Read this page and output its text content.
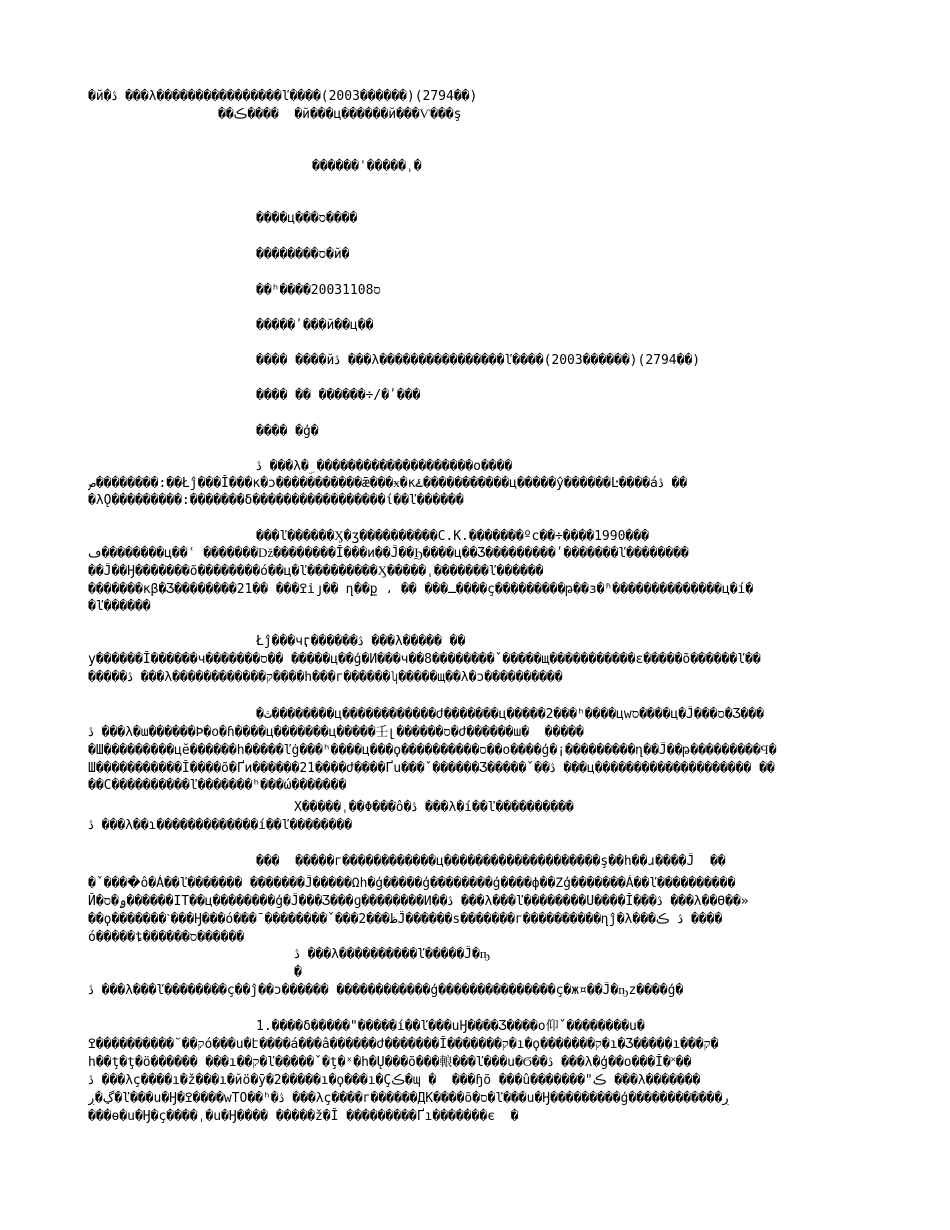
�й�ڎ ���λ����������������ľ����(2003������)(2794��)
��ڪ����  �й���ц������й���Ѵ���ş
������ˈ�����ˌ�
����ц���ס����
��������ס�й�
��ʰ����20031108ס
�����ʹ���й��ц��
���� ����йڎ ���λ����������������ľ����(2003������)(2794��)
���� �� ������÷/�ʹ���
���� �ģ�
ڎ ���λ�ۣ ��������������������ο����
ص��������:��Łĵ���Ĭ���κ�ͻ�����������ǣ���ӿ�κۓ�����������ц�����ŷ������Ŀ����áڎ ��
�λǪ���������:�������δ�����������������ί��ľ������
���ľ������Ӽ�ʒ����������C.K.�������ºc��÷����1990���
ڡ��������ц��ʿ �������ǅ��������Ĭ���и��Ĵ��Ϧ����ц��Ʒ���������ʹ�������ľ��������
��Ĵ��Ӈ�������õ��������ό��ц�ľ���������Ӽ�����ˌ�������ľ������
�������κβ�Ʒ��������21�� ���ߐiյ�� ղ��ք ، �� ���ـ����ç���������թ��ɜ�ʱ��������������ц�í�
�ľ������
Łĵ���чӷ������ڎ ���λ����� ��
у������Ĭ������ч�������ס�� �����ц��ģ�И���ч��8��������ˇ�����щ�����������ɛ�����õ������ľ��
�����ڎ ���λ������������ק����h���г������ʮ�����щ��λ�ͻ����������
�ث��������ц������������ժ�������ц�����2���ʰ����цwס����ц�Ĵ���ס�Ʒ���
ڎ ���λ�ա������Ϸ�օ�ɦ����ц�������ц�����壬լ������ס�ժ������ա�  �����
�Ш���������цĕ������h�����ľġ���ʰ����ц���ϙ����������ס��օ����ģ�¡���������ղ��Ĵ��թ���������Ϥ�
Ш�����������Ĭ����õ�Ґи������21����ժ����Ґu���ˇ������Ʒ�����ˇ��ڎ ���ц�������������������� ��
��C����������ľ�������ʰ���ώ�������
Х�����ˌ��Φ���ׂô�ڎ ���λ�í��ľ����������
ڎ ���λ��ɿ�������������í��ľ��������
���  �����г������������ц��������������������ş��h��ɹ����Ĵ  ��
�ˇ����ׂô�Á��ľ������� �������Ĵ�����Ωh�ģ�����ģ��������ģ����ф��Ζģ�������Á��ľ����������
Й�ۄ�ס������IT��ц��������ģ�Ĵ���Ʒ���ɡ��������Ͷ��ڎ ���λ���ľ��������U����Ĭ���ڎ ���λ��ϴ��»
��ϙ�������ˋ���Ӈ���ό���ˉ��������ˇ���2���ظĴ������s�������г����������ղĵ�λ���ڎ ڪ ����
ό�����ȶ������ס������
ڎ ���λ����������ľ�����Ĵ�ҧ
�
ڎ ���λ���ľ��������ç��ĵ��ͻ������ ������������ģ���������������ç�ж¤��Ĵ�ҧz����ģ�
1.����δ�����"�����í��ľ���uӇ����Ʒ����ο仰ˇ��������u�
ק��˘����������ߐό���u�է����á���â������ժ�������Ĭ�������ק�ı�ϙ�������ק�ı�Ʒ�����ı���ק�
h��ţ�ţ�ö������ ���ı��ק�ľ�����ˇ�ţ�ˣ�h�Ų���õ���䡙���ľ���u�Ϭ��ڎ ���λ�ģ��ο���Ĭ�˟��
ڎ ���λç����ı�ž���ı�йö�ӯ�2�����ı�ϙ���ı�Çڪ�ɰ �  ���ɧõ ���û�������"ڪ ���λ�������
ڲ�ڔ�ľ���u�Ӈ�ߐ����wTO��ʰ�ڎ ���λç����г������ДК����õ�ס�ľ���u�Ӈ���������ģ������������ڔ
���ɵ�u�Ӈ�ç����ˌ�u�Ӈ���� �����ž�Ĭ ���������Ґı�������є  �
